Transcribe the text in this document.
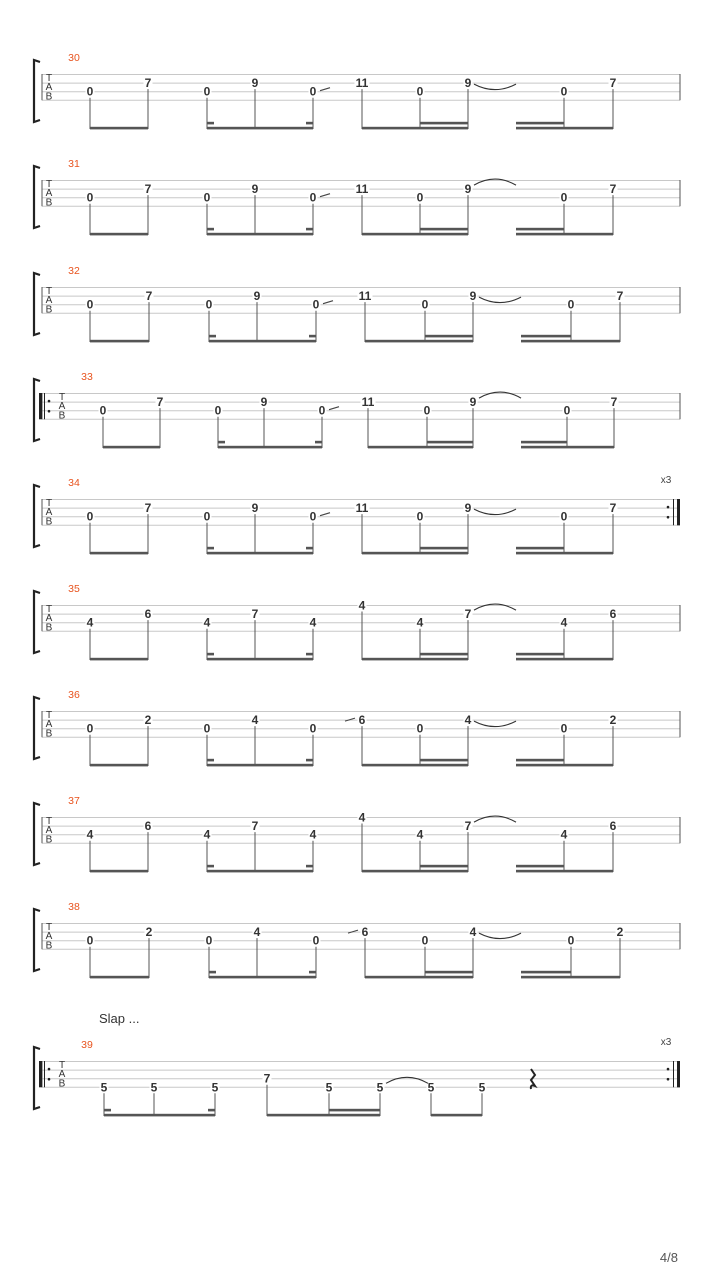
T
A
B
30
0
7
0
9
0
11
0
9
0
7
T
A
B
31
0
7
0
9
0
11
0
9
0
7
T
A
B
32
0
7
0
9
0
11
0
9
0
7
T
A
B
33
0
7
0
9
0
11
0
9
0
7
T
A
B
x3
34
0
7
0
9
0
11
0
9
0
7
T
A
B
35
4
6
4
7
4
4
4
7
4
6
T
A
B
36
0
2
0
4
0
6
0
4
0
2
T
A
B
37
4
6
4
7
4
4
4
7
4
6
T
A
B
38
0
2
0
4
0
6
0
4
0
2
T
A
B
x3
39
5	5	5
7
5	5	5	5
Slap ...
4/8
